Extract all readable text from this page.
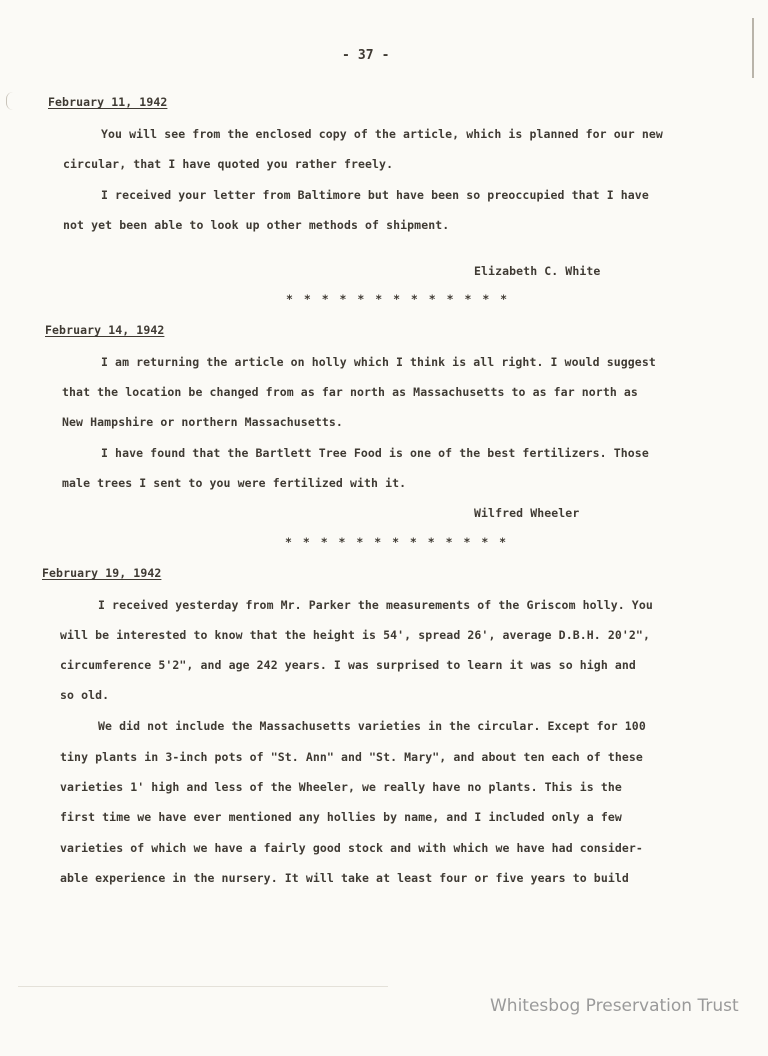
- 37 -
February 11, 1942
You will see from the enclosed copy of the article, which is planned for our new
circular, that I have quoted you rather freely.
I received your letter from Baltimore but have been so preoccupied that I have
not yet been able to look up other methods of shipment.
Elizabeth C. White
* * * * * * * * * * * * *
February 14, 1942
I am returning the article on holly which I think is all right. I would suggest
that the location be changed from as far north as Massachusetts to as far north as
New Hampshire or northern Massachusetts.
I have found that the Bartlett Tree Food is one of the best fertilizers. Those
male trees I sent to you were fertilized with it.
Wilfred Wheeler
* * * * * * * * * * * * *
February 19, 1942
I received yesterday from Mr. Parker the measurements of the Griscom holly. You
will be interested to know that the height is 54', spread 26', average D.B.H. 20'2",
circumference 5'2", and age 242 years. I was surprised to learn it was so high and
so old.
We did not include the Massachusetts varieties in the circular. Except for 100
tiny plants in 3-inch pots of "St. Ann" and "St. Mary", and about ten each of these
varieties 1' high and less of the Wheeler, we really have no plants. This is the
first time we have ever mentioned any hollies by name, and I included only a few
varieties of which we have a fairly good stock and with which we have had consider-
able experience in the nursery. It will take at least four or five years to build
Whitesbog Preservation Trust
